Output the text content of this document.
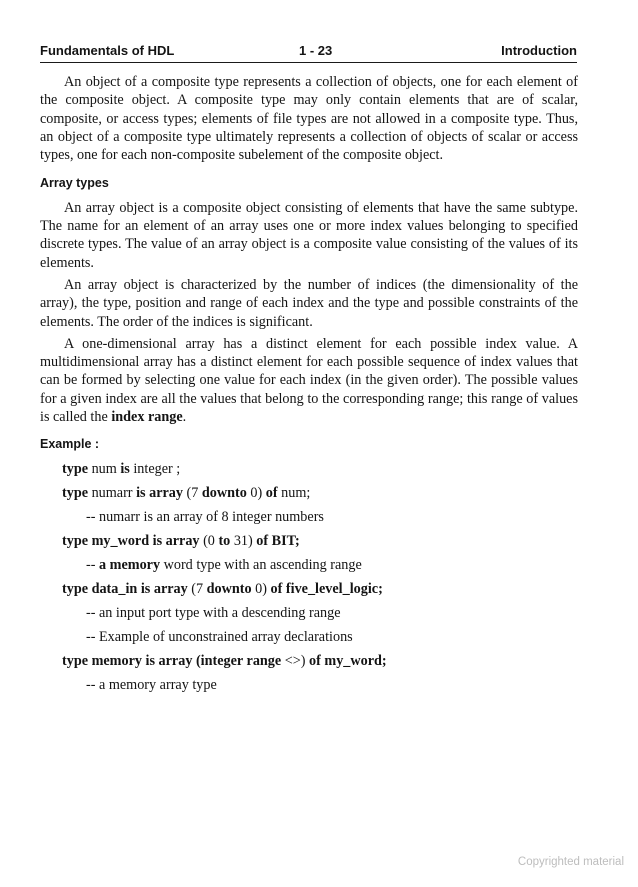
Fundamentals of HDL	1 - 23	Introduction

An object of a composite type represents a collection of objects, one for each element of the composite object. A composite type may only contain elements that are of scalar, composite, or access types; elements of file types are not allowed in a composite type. Thus, an object of a composite type ultimately represents a collection of objects of scalar or access types, one for each non-composite subelement of the composite object.

Array types

An array object is a composite object consisting of elements that have the same subtype. The name for an element of an array uses one or more index values belonging to specified discrete types. The value of an array object is a composite value consisting of the values of its elements.

An array object is characterized by the number of indices (the dimensionality of the array), the type, position and range of each index and the type and possible constraints of the elements. The order of the indices is significant.

A one-dimensional array has a distinct element for each possible index value. A multidimensional array has a distinct element for each possible sequence of index values that can be formed by selecting one value for each index (in the given order). The possible values for a given index are all the values that belong to the corresponding range; this range of values is called the index range.

Example :
type num is integer ;
type numarr is array (7 downto 0) of num;
-- numarr is an array of 8 integer numbers
type my_word is array (0 to 31) of BIT;
-- a memory word type with an ascending range
type data_in is array (7 downto 0) of five_level_logic;
-- an input port type with a descending range
-- Example of unconstrained array declarations
type memory is array (integer range <>) of my_word;
-- a memory array type
Copyrighted material
